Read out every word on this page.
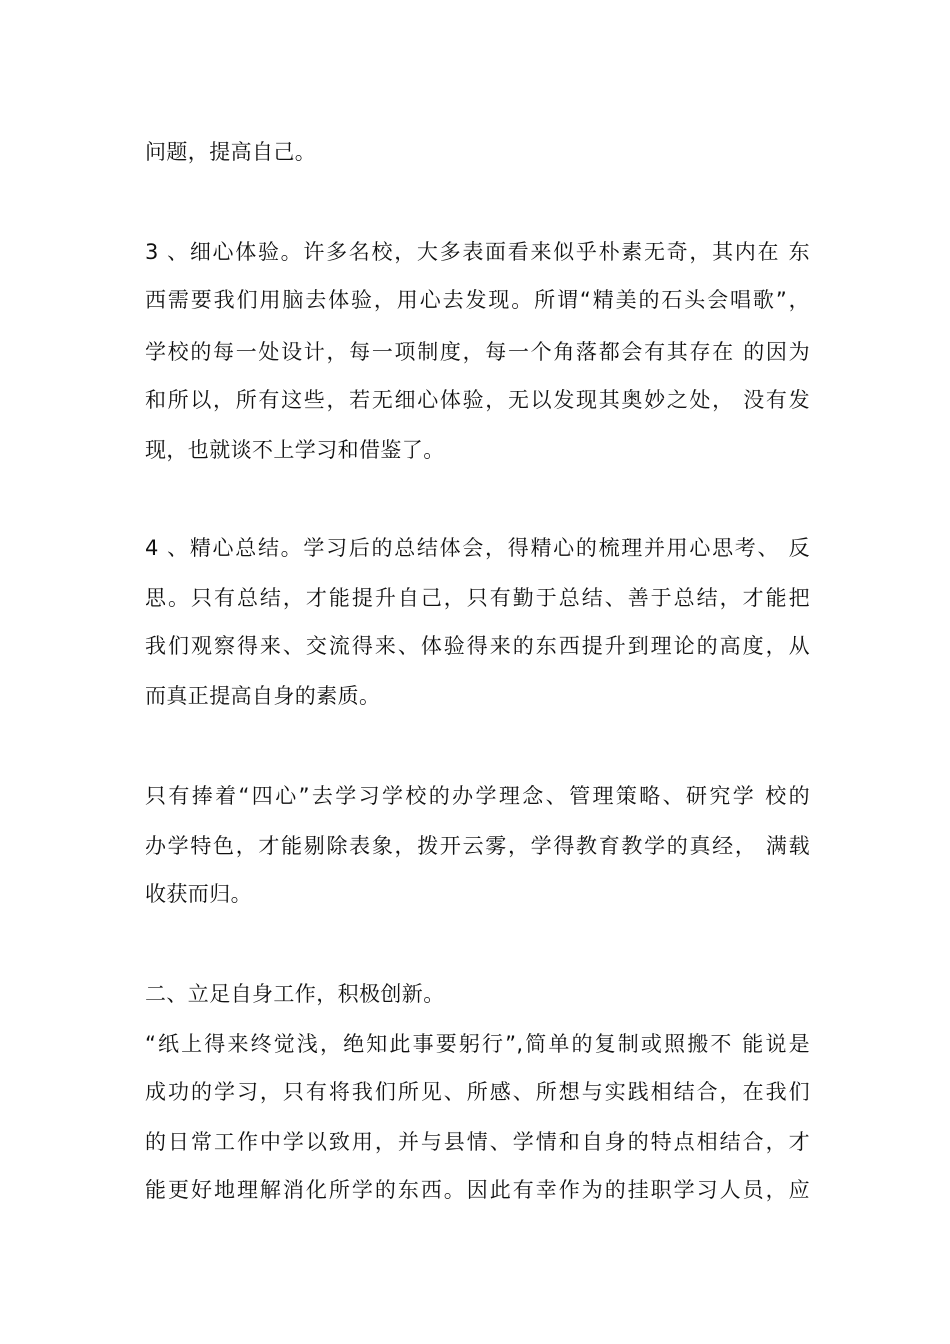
问题，提高自己。
3 、细心体验。许多名校，大多表面看来似乎朴素无奇，其内在 东
西需要我们用脑去体验，用心去发现。所谓“精美的石头会唱歌”，
学校的每一处设计，每一项制度，每一个角落都会有其存在 的因为
和所以，所有这些，若无细心体验，无以发现其奥妙之处， 没有发
现，也就谈不上学习和借鉴了。
4 、精心总结。学习后的总结体会，得精心的梳理并用心思考、 反
思。只有总结，才能提升自己，只有勤于总结、善于总结，才能把
我们观察得来、交流得来、体验得来的东西提升到理论的高度，从
而真正提高自身的素质。
只有捧着“四心”去学习学校的办学理念、管理策略、研究学 校的
办学特色，才能剔除表象，拨开云雾，学得教育教学的真经， 满载
收获而归。
二、立足自身工作，积极创新。
“纸上得来终觉浅，绝知此事要躬行”,简单的复制或照搬不 能说是
成功的学习，只有将我们所见、所感、所想与实践相结合，在我们
的日常工作中学以致用，并与县情、学情和自身的特点相结合，才
能更好地理解消化所学的东西。因此有幸作为的挂职学习人员，应
